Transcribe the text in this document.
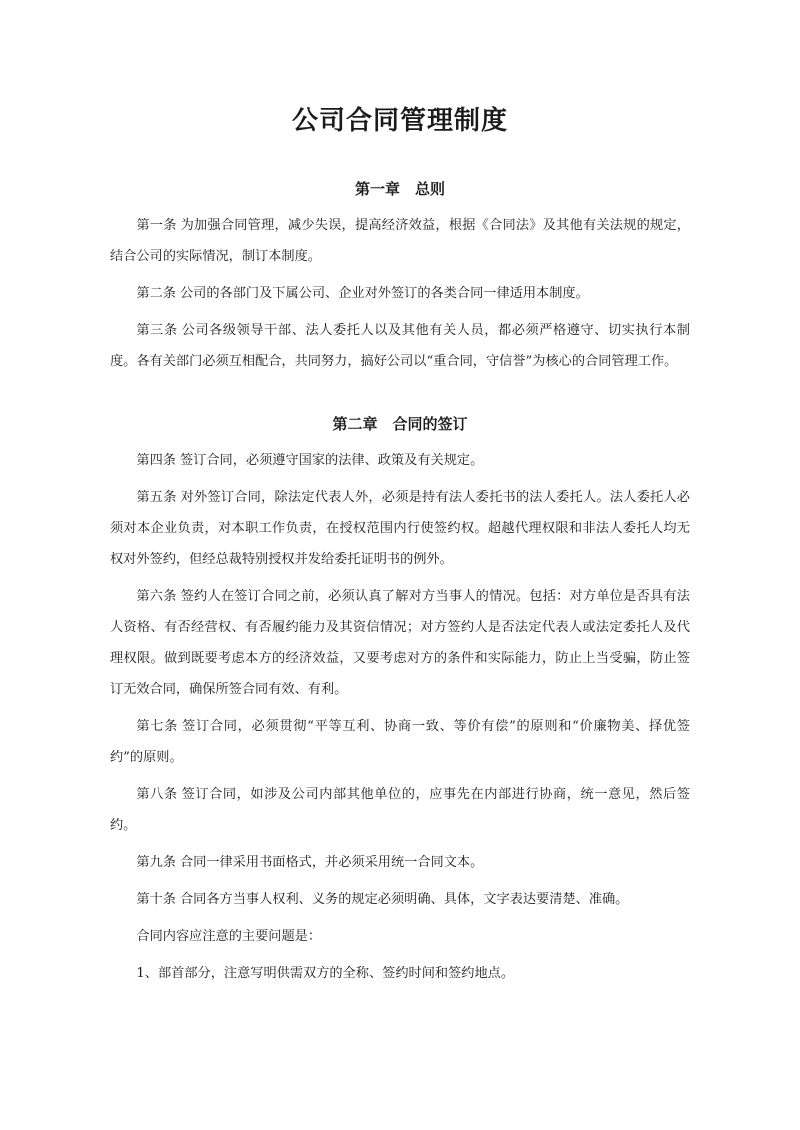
公司合同管理制度
第一章　总则

第一条 为加强合同管理，减少失误，提高经济效益，根据《合同法》及其他有关法规的规定，结合公司的实际情况，制订本制度。

第二条 公司的各部门及下属公司、企业对外签订的各类合同一律适用本制度。

第三条 公司各级领导干部、法人委托人以及其他有关人员，都必须严格遵守、切实执行本制度。各有关部门必须互相配合，共同努力，搞好公司以“重合同，守信誉”为核心的合同管理工作。

第二章　合同的签订

第四条 签订合同，必须遵守国家的法律、政策及有关规定。

第五条 对外签订合同，除法定代表人外，必须是持有法人委托书的法人委托人。法人委托人必须对本企业负责，对本职工作负责，在授权范围内行使签约权。超越代理权限和非法人委托人均无权对外签约，但经总裁特别授权并发给委托证明书的例外。

第六条 签约人在签订合同之前，必须认真了解对方当事人的情况。包括：对方单位是否具有法人资格、有否经营权、有否履约能力及其资信情况；对方签约人是否法定代表人或法定委托人及代理权限。做到既要考虑本方的经济效益，又要考虑对方的条件和实际能力，防止上当受骗，防止签订无效合同，确保所签合同有效、有利。

第七条 签订合同，必须贯彻“平等互利、协商一致、等价有偿”的原则和“价廉物美、择优签约”的原则。

第八条 签订合同，如涉及公司内部其他单位的，应事先在内部进行协商，统一意见，然后签约。

第九条 合同一律采用书面格式，并必须采用统一合同文本。

第十条 合同各方当事人权利、义务的规定必须明确、具体，文字表达要清楚、准确。

合同内容应注意的主要问题是：

1、部首部分，注意写明供需双方的全称、签约时间和签约地点。
